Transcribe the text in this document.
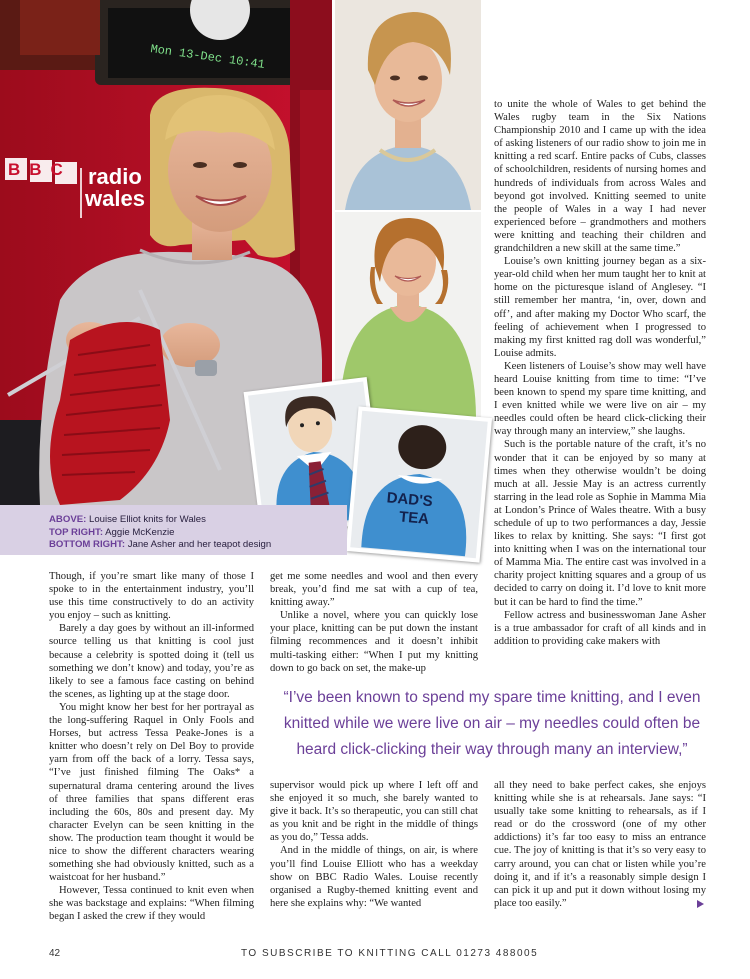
BBC radio
wales
Mon 13-Dec 10:41
DAD'S
TEA
ABOVE: Louise Elliot knits for Wales
TOP RIGHT: Aggie McKenzie
BOTTOM RIGHT: Jane Asher and her teapot design

to unite the whole of Wales to get behind the Wales rugby team in the Six Nations Championship 2010 and I came up with the idea of asking listeners of our radio show to join me in knitting a red scarf. Entire packs of Cubs, classes of schoolchildren, residents of nursing homes and hundreds of individuals from across Wales and beyond got involved. Knitting seemed to unite the people of Wales in a way I had never experienced before – grandmothers and mothers were knitting and teaching their children and grandchildren a new skill at the same time.”

Louise’s own knitting journey began as a six-year-old child when her mum taught her to knit at home on the picturesque island of Anglesey. “I still remember her mantra, ‘in, over, down and off’, and after making my Doctor Who scarf, the feeling of achievement when I progressed to making my first knitted rag doll was wonderful,” Louise admits.

Keen listeners of Louise’s show may well have heard Louise knitting from time to time: “I’ve been known to spend my spare time knitting, and I even knitted while we were live on air – my needles could often be heard click-clicking their way through many an interview,” she laughs.

Such is the portable nature of the craft, it’s no wonder that it can be enjoyed by so many at times when they otherwise wouldn’t be doing much at all. Jessie May is an actress currently starring in the lead role as Sophie in Mamma Mia at London’s Prince of Wales theatre. With a busy schedule of up to two performances a day, Jessie likes to relax by knitting. She says: “I first got into knitting when I was on the international tour of Mamma Mia. The entire cast was involved in a charity project knitting squares and a group of us decided to carry on doing it. I’d love to knit more but it can be hard to find the time.”

Fellow actress and businesswoman Jane Asher is a true ambassador for craft of all kinds and in addition to providing cake makers with

Though, if you’re smart like many of those I spoke to in the entertainment industry, you’ll use this time constructively to do an activity you enjoy – such as knitting.

Barely a day goes by without an ill-informed source telling us that knitting is cool just because a celebrity is spotted doing it (tell us something we don’t know) and today, you’re as likely to see a famous face casting on behind the scenes, as lighting up at the stage door.

You might know her best for her portrayal as the long-suffering Raquel in Only Fools and Horses, but actress Tessa Peake-Jones is a knitter who doesn’t rely on Del Boy to provide yarn from off the back of a lorry. Tessa says, “I’ve just finished filming The Oaks* a supernatural drama centering around the lives of three families that spans different eras including the 60s, 80s and present day. My character Evelyn can be seen knitting in the show. The production team thought it would be nice to show the different characters wearing something she had obviously knitted, such as a waistcoat for her husband.”

However, Tessa continued to knit even when she was backstage and explains: “When filming began I asked the crew if they would

get me some needles and wool and then every break, you’d find me sat with a cup of tea, knitting away.”

Unlike a novel, where you can quickly lose your place, knitting can be put down the instant filming recommences and it doesn’t inhibit multi-tasking either: “When I put my knitting down to go back on set, the make-up

“I’ve been known to spend my spare time knitting, and I even
knitted while we were live on air – my needles could often be
heard click-clicking their way through many an interview,”

supervisor would pick up where I left off and she enjoyed it so much, she barely wanted to give it back. It’s so therapeutic, you can still chat as you knit and be right in the middle of things as you do,” Tessa adds.

And in the middle of things, on air, is where you’ll find Louise Elliott who has a weekday show on BBC Radio Wales. Louise recently organised a Rugby-themed knitting event and here she explains why: “We wanted

all they need to bake perfect cakes, she enjoys knitting while she is at rehearsals. Jane says: “I usually take some knitting to rehearsals, as if I read or do the crossword (one of my other addictions) it’s far too easy to miss an entrance cue. The joy of knitting is that it’s so very easy to carry around, you can chat or listen while you’re doing it, and if it’s a reasonably simple design I can pick it up and put it down without losing my place too easily.”

42	TO SUBSCRIBE TO KNITTING CALL 01273 488005
